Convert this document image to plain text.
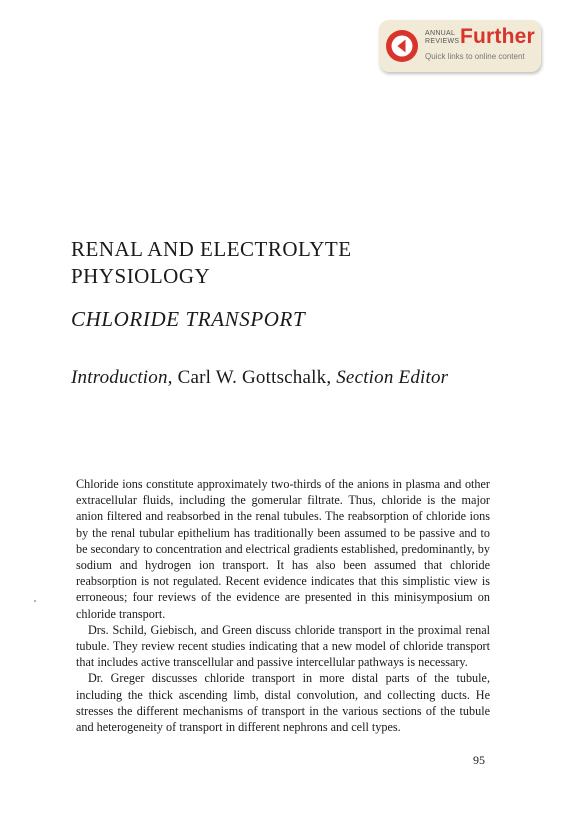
ANNUAL
REVIEWS Further
Quick links to online content
RENAL AND ELECTROLYTE PHYSIOLOGY
CHLORIDE TRANSPORT
Introduction, Carl W. Gottschalk, Section Editor

Chloride ions constitute approximately two-thirds of the anions in plasma and other extracellular fluids, including the gomerular filtrate. Thus, chloride is the major anion filtered and reabsorbed in the renal tubules. The reabsorption of chloride ions by the renal tubular epithelium has traditionally been assumed to be passive and to be secondary to concentration and electrical gradients established, predominantly, by sodium and hydrogen ion transport. It has also been assumed that chloride reabsorption is not regulated. Recent evidence indicates that this simplistic view is erroneous; four reviews of the evidence are presented in this minisymposium on chloride transport.

Drs. Schild, Giebisch, and Green discuss chloride transport in the proximal renal tubule. They review recent studies indicating that a new model of chloride transport that includes active transcellular and passive intercellular pathways is necessary.

Dr. Greger discusses chloride transport in more distal parts of the tubule, including the thick ascending limb, distal convolution, and collecting ducts. He stresses the different mechanisms of transport in the various sections of the tubule and heterogeneity of transport in different nephrons and cell types.

95
